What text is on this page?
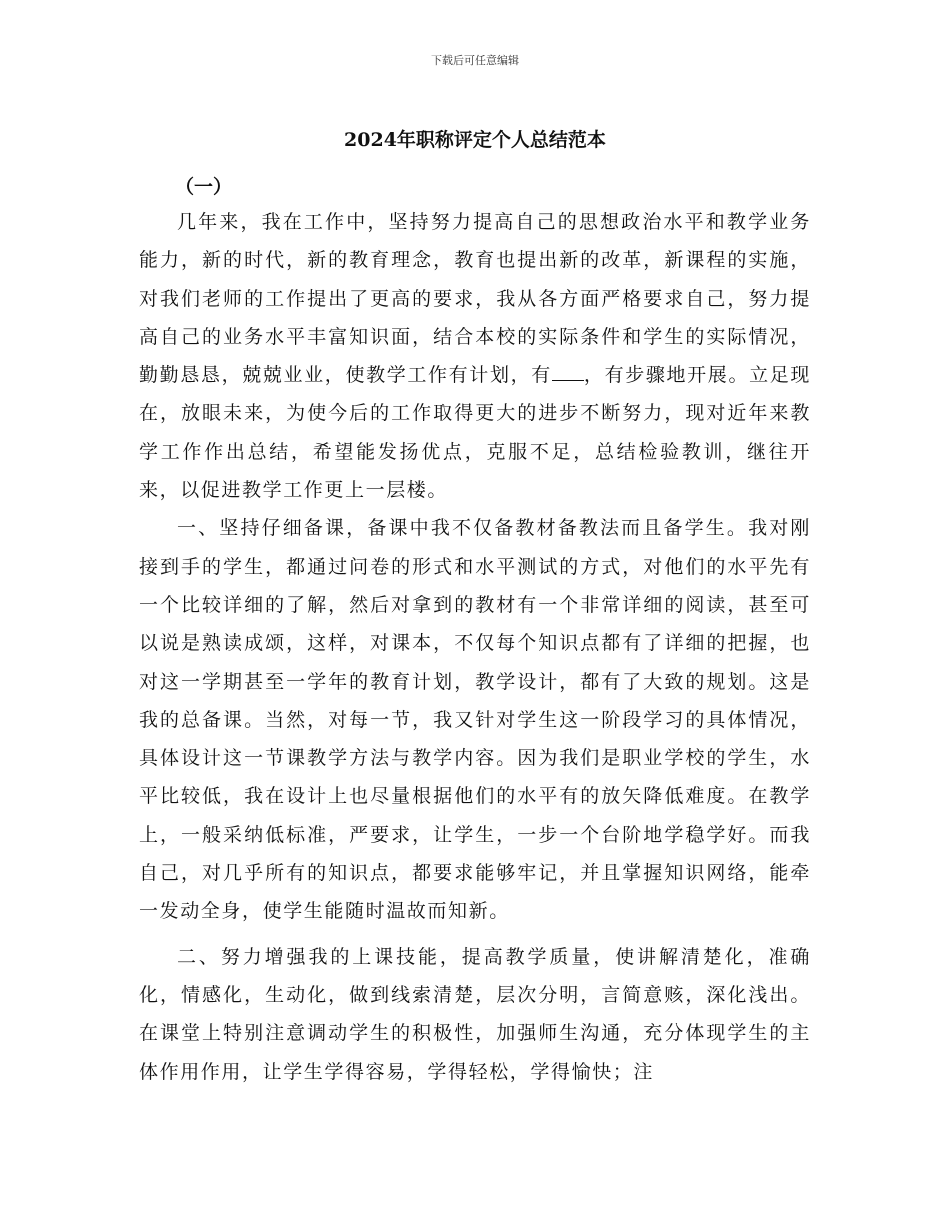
下载后可任意编辑
2024年职称评定个人总结范本
（一）

几年来，我在工作中，坚持努力提高自己的思想政治水平和教学业务能力，新的时代，新的教育理念，教育也提出新的改革，新课程的实施，对我们老师的工作提出了更高的要求，我从各方面严格要求自己，努力提高自己的业务水平丰富知识面，结合本校的实际条件和学生的实际情况，勤勤恳恳，兢兢业业，使教学工作有计划，有 ，有步骤地开展。立足现在，放眼未来，为使今后的工作取得更大的进步不断努力，现对近年来教学工作作出总结，希望能发扬优点，克服不足，总结检验教训，继往开来，以促进教学工作更上一层楼。

一、坚持仔细备课，备课中我不仅备教材备教法而且备学生。我对刚接到手的学生，都通过问卷的形式和水平测试的方式，对他们的水平先有一个比较详细的了解，然后对拿到的教材有一个非常详细的阅读，甚至可以说是熟读成颂，这样，对课本，不仅每个知识点都有了详细的把握，也对这一学期甚至一学年的教育计划，教学设计，都有了大致的规划。这是我的总备课。当然，对每一节，我又针对学生这一阶段学习的具体情况，具体设计这一节课教学方法与教学内容。因为我们是职业学校的学生，水平比较低，我在设计上也尽量根据他们的水平有的放矢降低难度。在教学上，一般采纳低标准，严要求，让学生，一步一个台阶地学稳学好。而我自己，对几乎所有的知识点，都要求能够牢记，并且掌握知识网络，能牵一发动全身，使学生能随时温故而知新。

二、努力增强我的上课技能，提高教学质量，使讲解清楚化，准确化，情感化，生动化，做到线索清楚，层次分明，言简意赅，深化浅出。在课堂上特别注意调动学生的积极性，加强师生沟通，充分体现学生的主体作用作用，让学生学得容易，学得轻松，学得愉快；注
